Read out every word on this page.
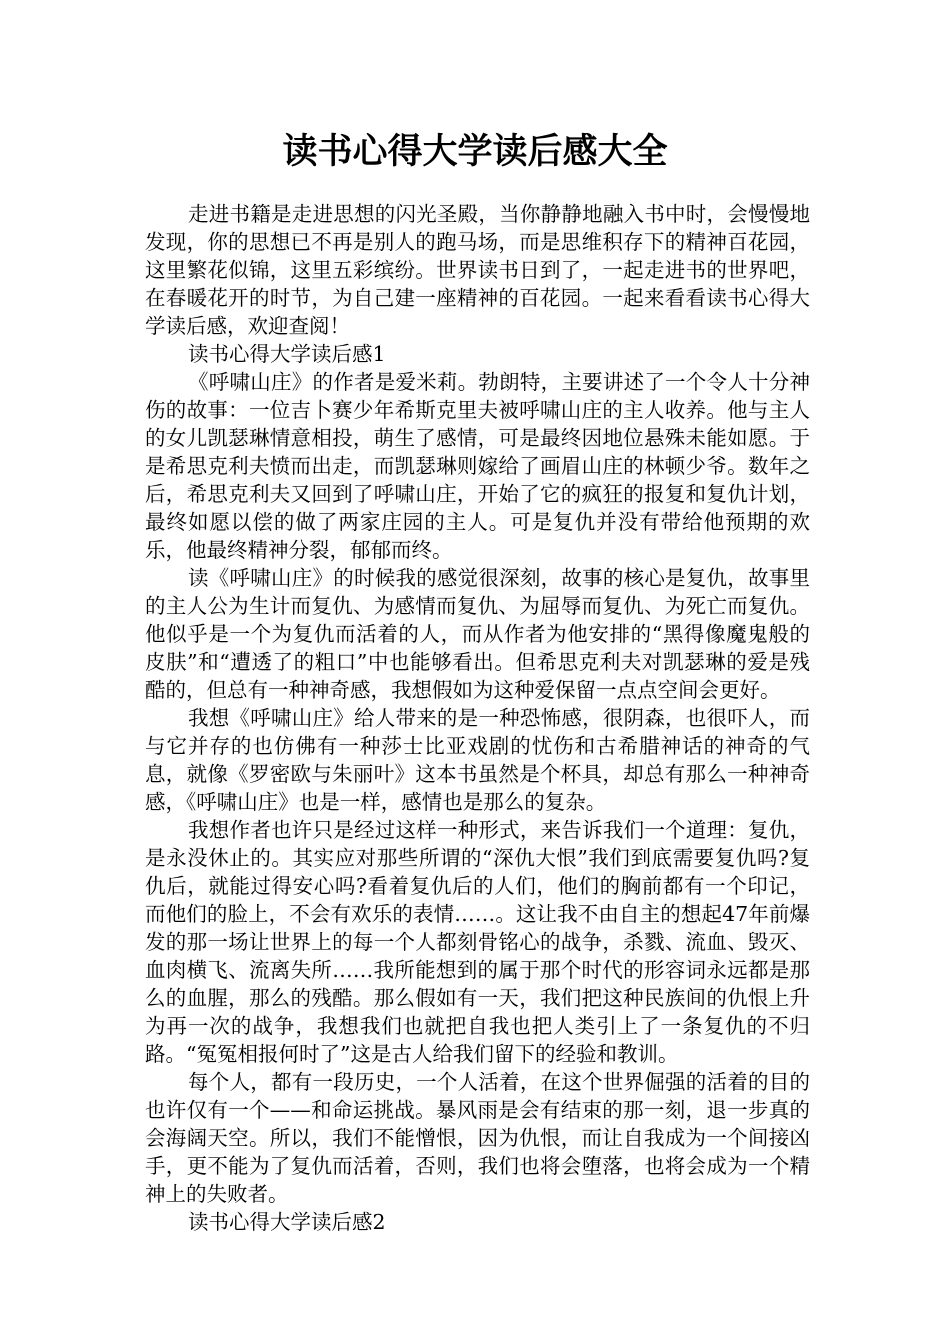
读书心得大学读后感大全

走进书籍是走进思想的闪光圣殿，当你静静地融入书中时，会慢慢地发现，你的思想已不再是别人的跑马场，而是思维积存下的精神百花园，这里繁花似锦，这里五彩缤纷。世界读书日到了，一起走进书的世界吧，在春暖花开的时节，为自己建一座精神的百花园。一起来看看读书心得大学读后感，欢迎查阅！

读书心得大学读后感1

《呼啸山庄》的作者是爱米莉。勃朗特，主要讲述了一个令人十分神伤的故事：一位吉卜赛少年希斯克里夫被呼啸山庄的主人收养。他与主人的女儿凯瑟琳情意相投，萌生了感情，可是最终因地位悬殊未能如愿。于是希思克利夫愤而出走，而凯瑟琳则嫁给了画眉山庄的林顿少爷。数年之后，希思克利夫又回到了呼啸山庄，开始了它的疯狂的报复和复仇计划，最终如愿以偿的做了两家庄园的主人。可是复仇并没有带给他预期的欢乐，他最终精神分裂，郁郁而终。

读《呼啸山庄》的时候我的感觉很深刻，故事的核心是复仇，故事里的主人公为生计而复仇、为感情而复仇、为屈辱而复仇、为死亡而复仇。他似乎是一个为复仇而活着的人，而从作者为他安排的“黑得像魔鬼般的皮肤”和“遭透了的粗口”中也能够看出。但希思克利夫对凯瑟琳的爱是残酷的，但总有一种神奇感，我想假如为这种爱保留一点点空间会更好。

我想《呼啸山庄》给人带来的是一种恐怖感，很阴森，也很吓人，而与它并存的也仿佛有一种莎士比亚戏剧的忧伤和古希腊神话的神奇的气息，就像《罗密欧与朱丽叶》这本书虽然是个杯具，却总有那么一种神奇感，《呼啸山庄》也是一样，感情也是那么的复杂。

我想作者也许只是经过这样一种形式，来告诉我们一个道理：复仇，是永没休止的。其实应对那些所谓的“深仇大恨”我们到底需要复仇吗?复仇后，就能过得安心吗?看着复仇后的人们，他们的胸前都有一个印记，而他们的脸上，不会有欢乐的表情……。这让我不由自主的想起47年前爆发的那一场让世界上的每一个人都刻骨铭心的战争，杀戮、流血、毁灭、血肉横飞、流离失所……我所能想到的属于那个时代的形容词永远都是那么的血腥，那么的残酷。那么假如有一天，我们把这种民族间的仇恨上升为再一次的战争，我想我们也就把自我也把人类引上了一条复仇的不归路。“冤冤相报何时了”这是古人给我们留下的经验和教训。

每个人，都有一段历史，一个人活着，在这个世界倔强的活着的目的也许仅有一个——和命运挑战。暴风雨是会有结束的那一刻，退一步真的会海阔天空。所以，我们不能憎恨，因为仇恨，而让自我成为一个间接凶手，更不能为了复仇而活着，否则，我们也将会堕落，也将会成为一个精神上的失败者。

读书心得大学读后感2
